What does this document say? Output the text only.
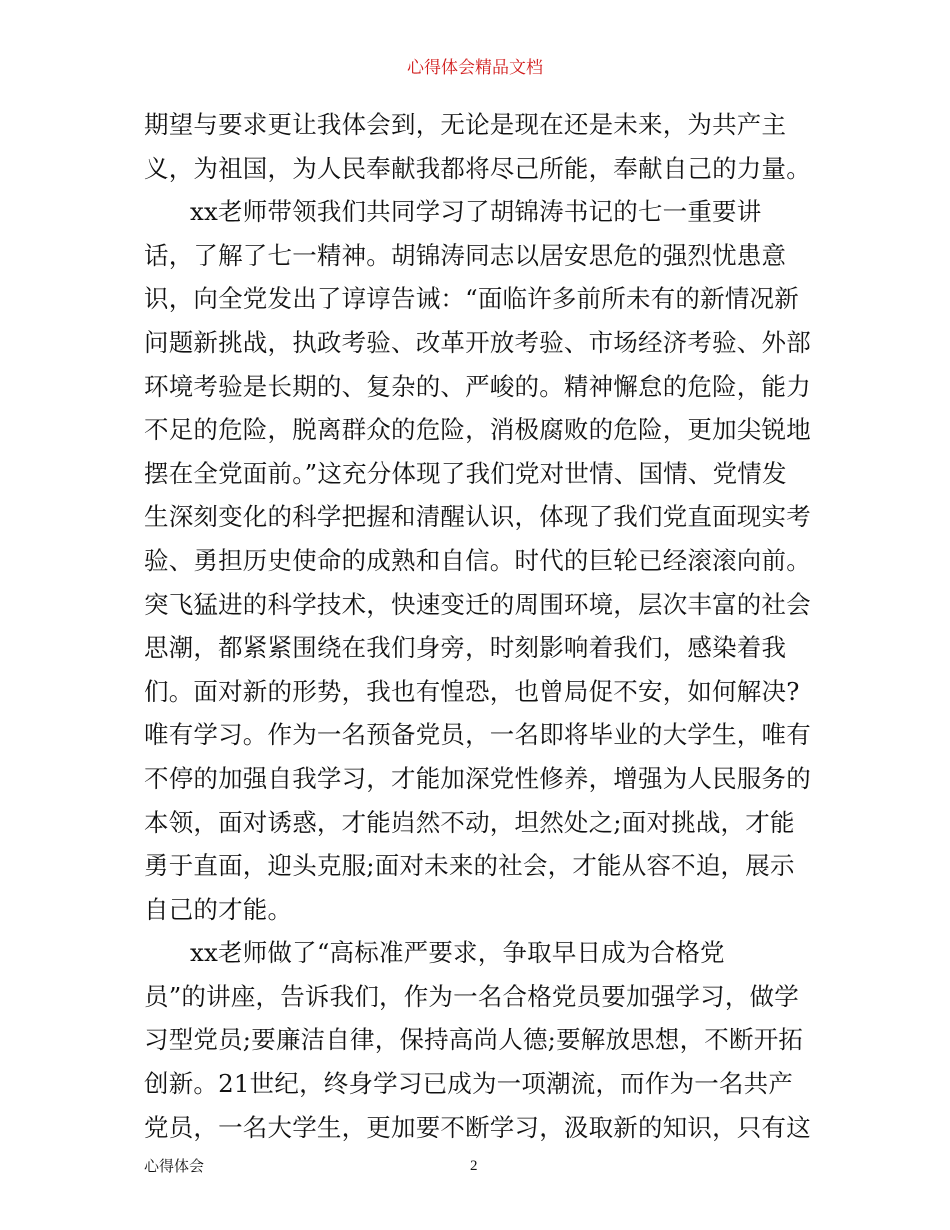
心得体会精品文档
期望与要求更让我体会到，无论是现在还是未来，为共产主
义，为祖国，为人民奉献我都将尽己所能，奉献自己的力量。
xx老师带领我们共同学习了胡锦涛书记的七一重要讲
话，了解了七一精神。胡锦涛同志以居安思危的强烈忧患意
识，向全党发出了谆谆告诫：“面临许多前所未有的新情况新
问题新挑战，执政考验、改革开放考验、市场经济考验、外部
环境考验是长期的、复杂的、严峻的。精神懈怠的危险，能力
不足的危险，脱离群众的危险，消极腐败的危险，更加尖锐地
摆在全党面前。”这充分体现了我们党对世情、国情、党情发
生深刻变化的科学把握和清醒认识，体现了我们党直面现实考
验、勇担历史使命的成熟和自信。时代的巨轮已经滚滚向前。
突飞猛进的科学技术，快速变迁的周围环境，层次丰富的社会
思潮，都紧紧围绕在我们身旁，时刻影响着我们，感染着我
们。面对新的形势，我也有惶恐，也曾局促不安，如何解决?
唯有学习。作为一名预备党员，一名即将毕业的大学生，唯有
不停的加强自我学习，才能加深党性修养，增强为人民服务的
本领，面对诱惑，才能岿然不动，坦然处之;面对挑战，才能
勇于直面，迎头克服;面对未来的社会，才能从容不迫，展示
自己的才能。
xx老师做了“高标准严要求，争取早日成为合格党
员”的讲座，告诉我们，作为一名合格党员要加强学习，做学
习型党员;要廉洁自律，保持高尚人德;要解放思想，不断开拓
创新。21世纪，终身学习已成为一项潮流，而作为一名共产
党员，一名大学生，更加要不断学习，汲取新的知识，只有这
心得体会	2
